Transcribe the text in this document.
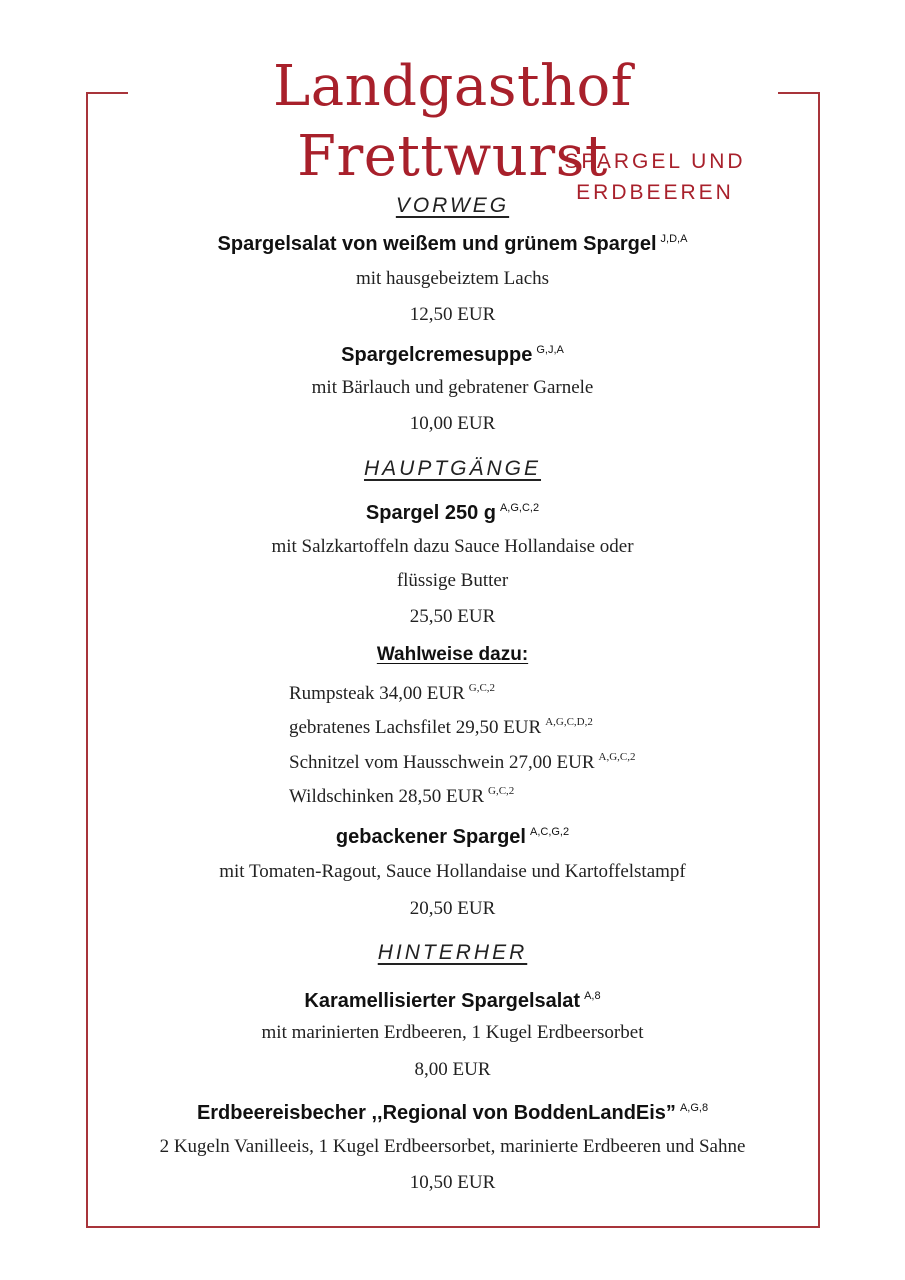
Landgasthof Frettwurst
SPARGEL UND
ERDBEEREN
VORWEG
Spargelsalat von weißem und grünem Spargel $^{J,D,A}$
mit hausgebeiztem Lachs
12,50 EUR
Spargelcremesuppe $^{G,J,A}$
mit Bärlauch und gebratener Garnele
10,00 EUR
HAUPTGÄNGE
Spargel 250 g $^{A,G,C,2}$
mit Salzkartoffeln dazu Sauce Hollandaise oder
flüssige Butter
25,50 EUR
Wahlweise dazu:
Rumpsteak 34,00 EUR $^{G,C,2}$
gebratenes Lachsfilet 29,50 EUR $^{A,G,C,D,2}$
Schnitzel vom Hausschwein 27,00 EUR $^{A,G,C,2}$
Wildschinken 28,50 EUR $^{G,C,2}$
gebackener Spargel $^{A,C,G,2}$
mit Tomaten-Ragout, Sauce Hollandaise und Kartoffelstampf
20,50 EUR
HINTERHER
Karamellisierter Spargelsalat $^{A,8}$
mit marinierten Erdbeeren, 1 Kugel Erdbeersorbet
8,00 EUR
Erdbeereisbecher ,,Regional von BoddenLandEis” $^{A,G,8}$
2 Kugeln Vanilleeis, 1 Kugel Erdbeersorbet, marinierte Erdbeeren und Sahne
10,50 EUR
